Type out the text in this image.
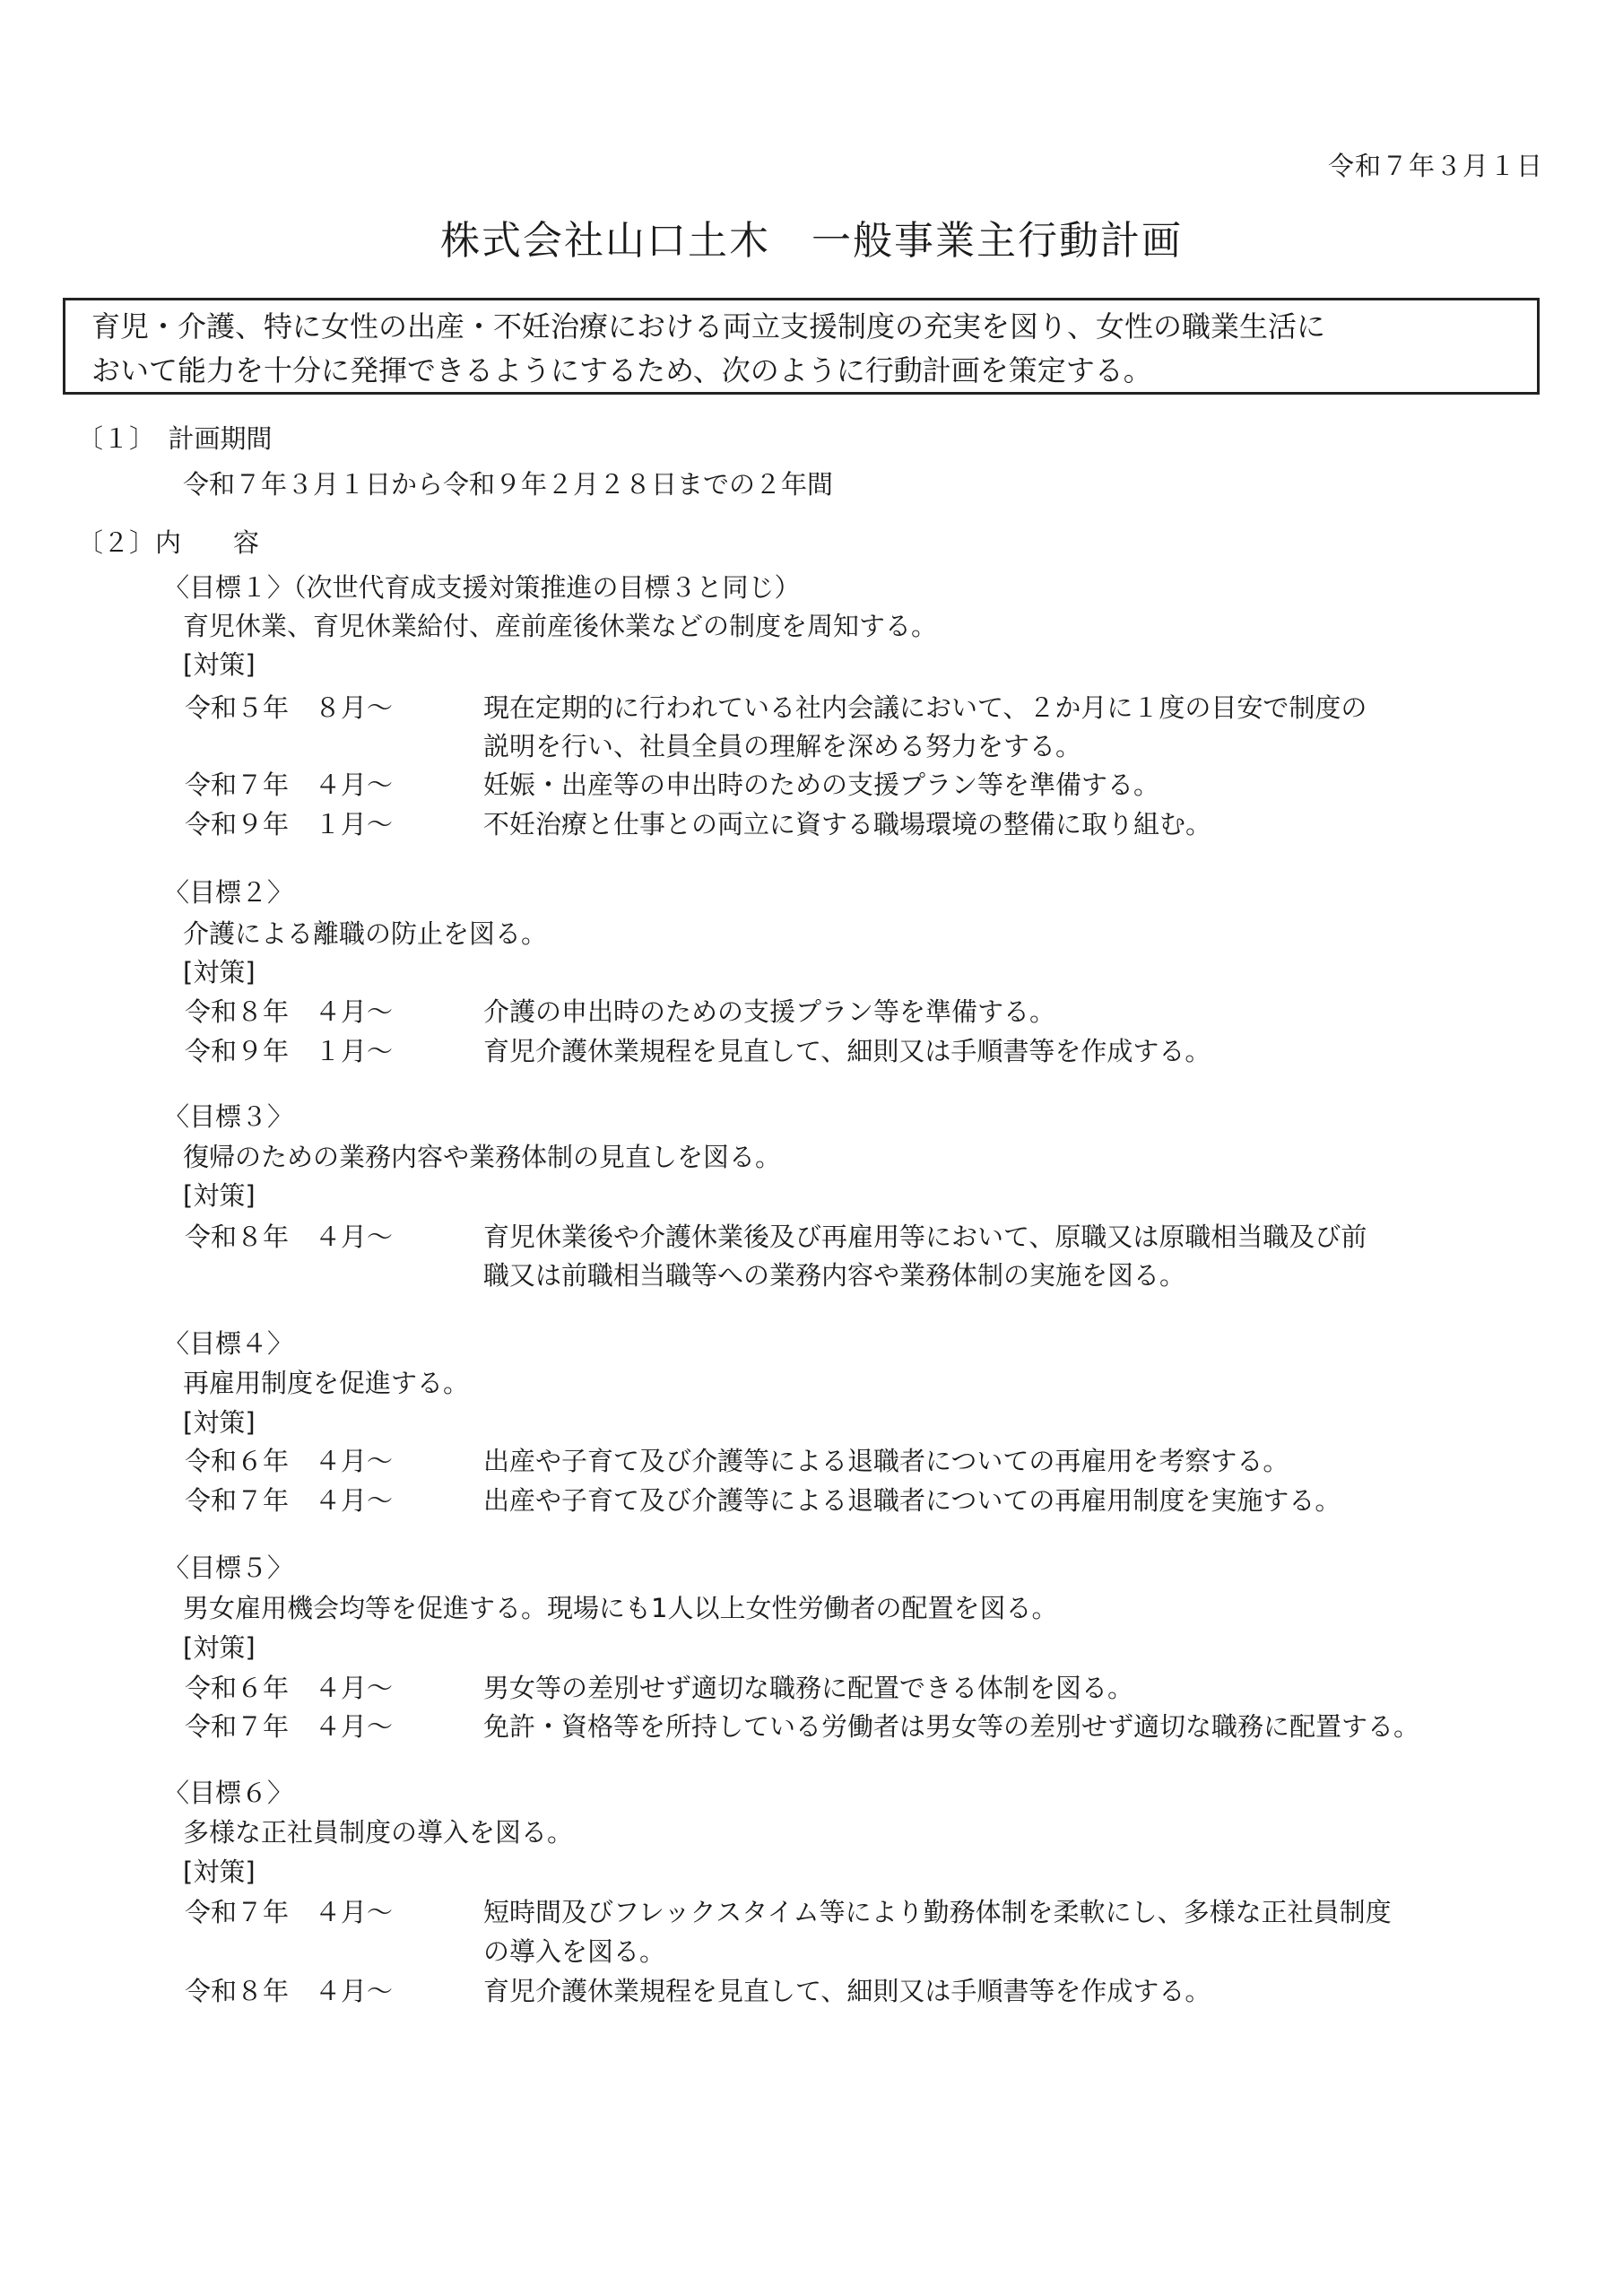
令和７年３月１日
株式会社山口土木　一般事業主行動計画
育児・介護、特に女性の出産・不妊治療における両立支援制度の充実を図り、女性の職業生活に
おいて能力を十分に発揮できるようにするため、次のように行動計画を策定する。
〔１〕　計画期間
令和７年３月１日から令和９年２月２８日までの２年間
〔２〕内　　容
〈目標１〉（次世代育成支援対策推進の目標３と同じ）
育児休業、育児休業給付、産前産後休業などの制度を周知する。
[対策]
令和５年　８月～	現在定期的に行われている社内会議において、２か月に１度の目安で制度の
説明を行い、社員全員の理解を深める努力をする。
令和７年　４月～	妊娠・出産等の申出時のための支援プラン等を準備する。
令和９年　１月～	不妊治療と仕事との両立に資する職場環境の整備に取り組む。
〈目標２〉
介護による離職の防止を図る。
[対策]
令和８年　４月～	介護の申出時のための支援プラン等を準備する。
令和９年　１月～	育児介護休業規程を見直して、細則又は手順書等を作成する。
〈目標３〉
復帰のための業務内容や業務体制の見直しを図る。
[対策]
令和８年　４月～	育児休業後や介護休業後及び再雇用等において、原職又は原職相当職及び前
職又は前職相当職等への業務内容や業務体制の実施を図る。
〈目標４〉
再雇用制度を促進する。
[対策]
令和６年　４月～	出産や子育て及び介護等による退職者についての再雇用を考察する。
令和７年　４月～	出産や子育て及び介護等による退職者についての再雇用制度を実施する。
〈目標５〉
男女雇用機会均等を促進する。現場にも1人以上女性労働者の配置を図る。
[対策]
令和６年　４月～	男女等の差別せず適切な職務に配置できる体制を図る。
令和７年　４月～	免許・資格等を所持している労働者は男女等の差別せず適切な職務に配置する。
〈目標６〉
多様な正社員制度の導入を図る。
[対策]
令和７年　４月～	短時間及びフレックスタイム等により勤務体制を柔軟にし、多様な正社員制度
の導入を図る。
令和８年　４月～	育児介護休業規程を見直して、細則又は手順書等を作成する。
